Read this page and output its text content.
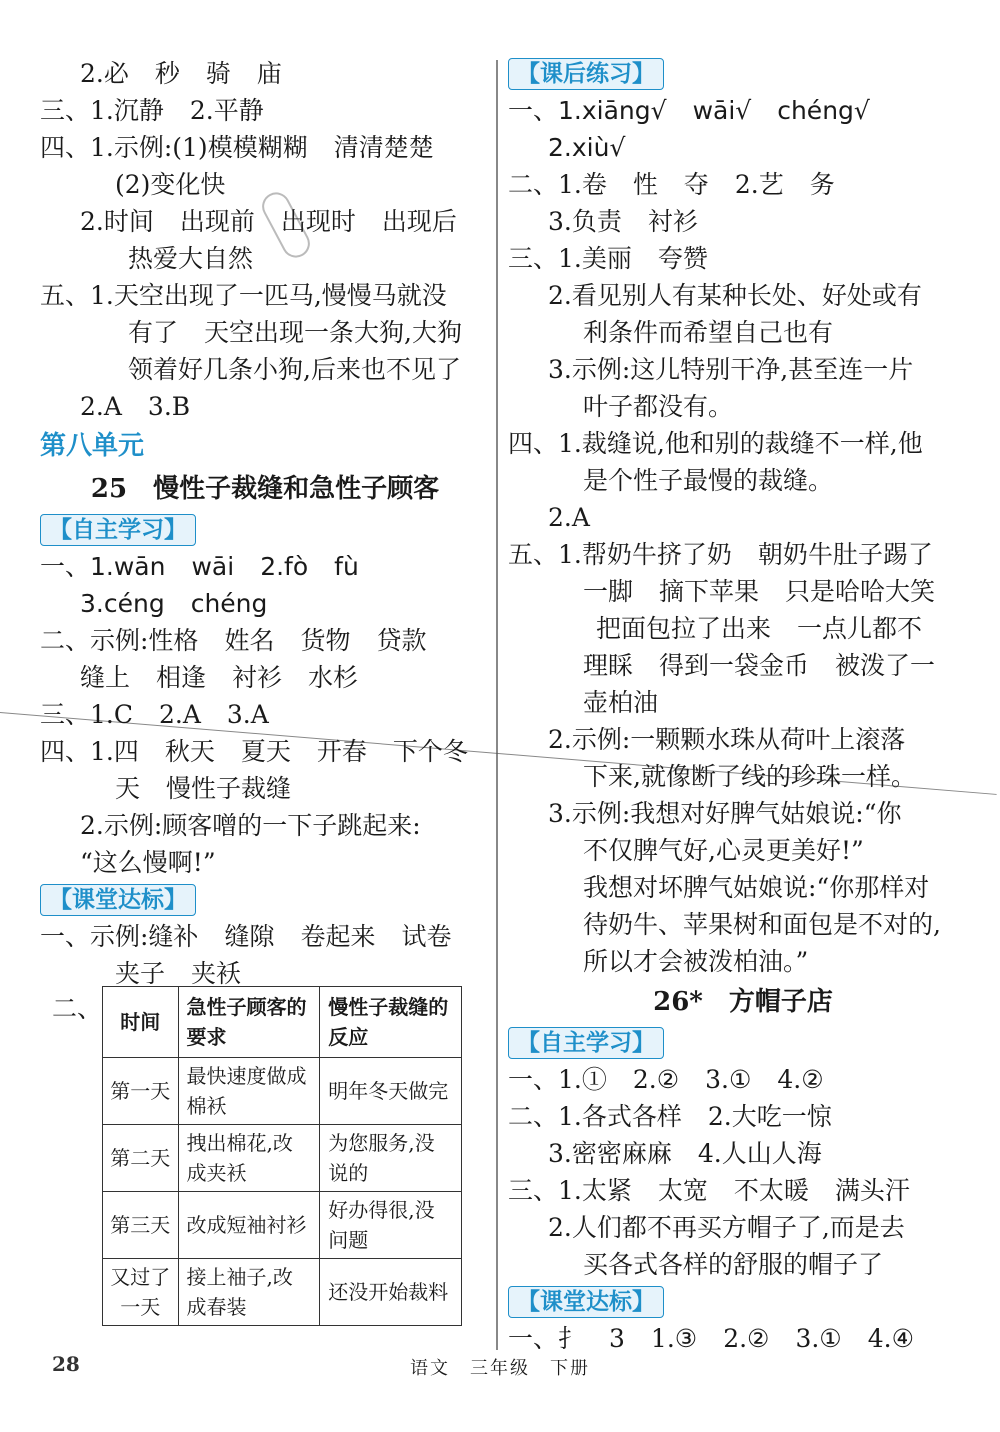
2.必 秒 骑 庙
三、1.沉静 2.平静
四、1.示例:(1)模模糊糊 清清楚楚
(2)变化快
2.时间 出现前 出现时 出现后
热爱大自然
五、1.天空出现了一匹马,慢慢马就没
有了 天空出现一条大狗,大狗
领着好几条小狗,后来也不见了
2.A 3.B
第八单元
25　慢性子裁缝和急性子顾客
【自主学习】
一、1.wān wāi 2.fò fù
3.céng chéng
二、示例:性格 姓名 货物 贷款
缝上 相逢 衬衫 水杉
三、1.C 2.A 3.A
四、1.四 秋天 夏天 开春 下个冬
天 慢性子裁缝
2.示例:顾客噌的一下子跳起来:
“这么慢啊!”
【课堂达标】
一、示例:缝补 缝隙 卷起来 试卷
夹子 夹袄
二、 时间	急性子顾客的要求	慢性子裁缝的反应
第一天	最快速度做成棉袄	明年冬天做完
第二天	拽出棉花,改成夹袄	为您服务,没说的
第三天	改成短袖衬衫	好办得很,没问题
又过了一天	接上袖子,改成春装	还没开始裁料
【课后练习】
一、1.xiāng√ wāi√ chéng√
2.xiù√
二、1.卷 性 夺 2.艺 务
3.负责 衬衫
三、1.美丽 夸赞
2.看见别人有某种长处、好处或有
利条件而希望自己也有
3.示例:这儿特别干净,甚至连一片
叶子都没有。
四、1.裁缝说,他和别的裁缝不一样,他
是个性子最慢的裁缝。
2.A
五、1.帮奶牛挤了奶 朝奶牛肚子踢了
一脚 摘下苹果 只是哈哈大笑
把面包拉了出来 一点儿都不
理睬 得到一袋金币 被泼了一
壶柏油
2.示例:一颗颗水珠从荷叶上滚落
下来,就像断了线的珍珠一样。
3.示例:我想对好脾气姑娘说:“你
不仅脾气好,心灵更美好!”
我想对坏脾气姑娘说:“你那样对
待奶牛、苹果树和面包是不对的,
所以才会被泼柏油。”
26*　方帽子店
【自主学习】
一、1.① 2.② 3.① 4.②
二、1.各式各样 2.大吃一惊
3.密密麻麻 4.人山人海
三、1.太紧 太宽 不太暖 满头汗
2.人们都不再买方帽子了,而是去
买各式各样的舒服的帽子了
【课堂达标】
一、扌 3 1.③ 2.② 3.① 4.④
28	语文　三年级　下册
